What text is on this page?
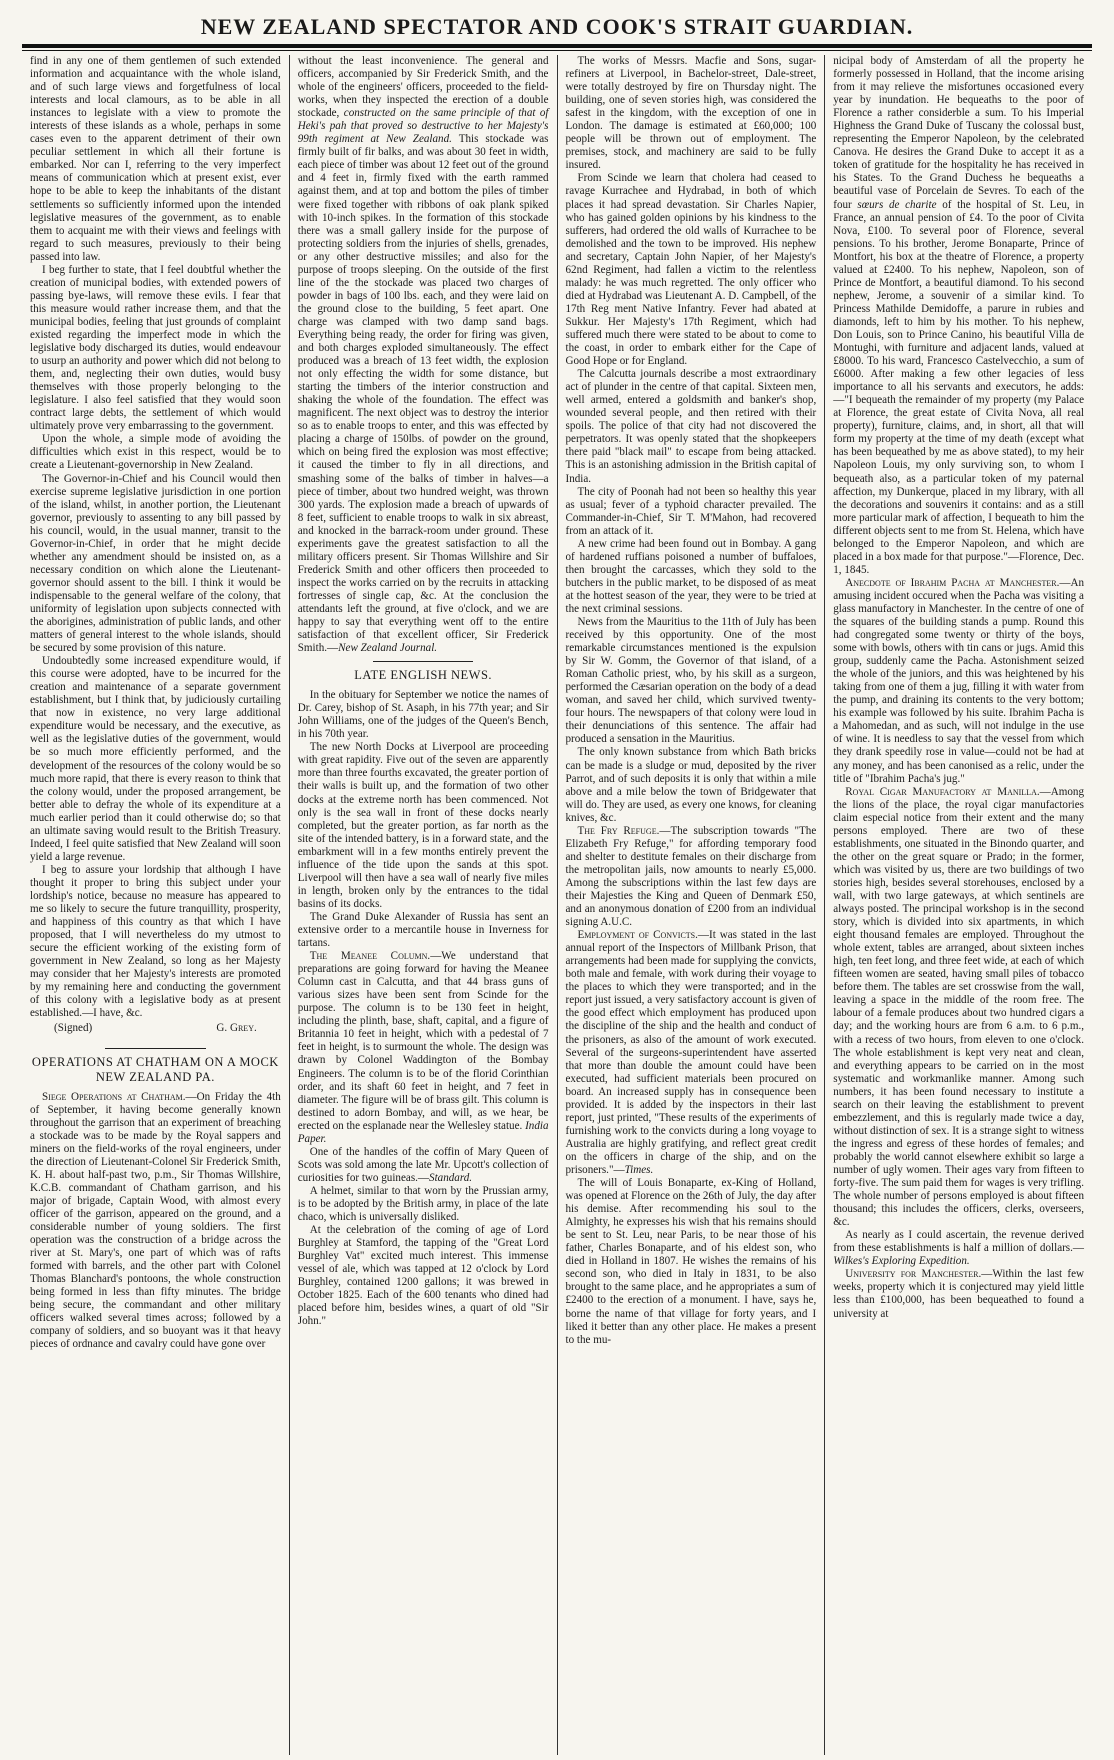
NEW ZEALAND SPECTATOR AND COOK'S STRAIT GUARDIAN.

find in any one of them gentlemen of such extended information and acquaintance with the whole island, and of such large views and forgetfulness of local interests and local clamours, as to be able in all instances to legislate with a view to promote the interests of these islands as a whole, perhaps in some cases even to the apparent detriment of their own peculiar settlement in which all their fortune is embarked. Nor can I, referring to the very imperfect means of communication which at present exist, ever hope to be able to keep the inhabitants of the distant settlements so sufficiently informed upon the intended legislative measures of the government, as to enable them to acquaint me with their views and feelings with regard to such measures, previously to their being passed into law.

I beg further to state, that I feel doubtful whether the creation of municipal bodies, with extended powers of passing bye-laws, will remove these evils. I fear that this measure would rather increase them, and that the municipal bodies, feeling that just grounds of complaint existed regarding the imperfect mode in which the legislative body discharged its duties, would endeavour to usurp an authority and power which did not belong to them, and, neglecting their own duties, would busy themselves with those properly belonging to the legislature. I also feel satisfied that they would soon contract large debts, the settlement of which would ultimately prove very embarrassing to the government.

Upon the whole, a simple mode of avoiding the difficulties which exist in this respect, would be to create a Lieutenant-governorship in New Zealand.

The Governor-in-Chief and his Council would then exercise supreme legislative jurisdiction in one portion of the island, whilst, in another portion, the Lieutenant governor, previously to assenting to any bill passed by his council, would, in the usual manner, transit to the Governor-in-Chief, in order that he might decide whether any amendment should be insisted on, as a necessary condition on which alone the Lieutenant-governor should assent to the bill. I think it would be indispensable to the general welfare of the colony, that uniformity of legislation upon subjects connected with the aborigines, administration of public lands, and other matters of general interest to the whole islands, should be secured by some provision of this nature.

Undoubtedly some increased expenditure would, if this course were adopted, have to be incurred for the creation and maintenance of a separate government establishment, but I think that, by judiciously curtailing that now in existence, no very large additional expenditure would be necessary, and the executive, as well as the legislative duties of the government, would be so much more efficiently performed, and the development of the resources of the colony would be so much more rapid, that there is every reason to think that the colony would, under the proposed arrangement, be better able to defray the whole of its expenditure at a much earlier period than it could otherwise do; so that an ultimate saving would result to the British Treasury. Indeed, I feel quite satisfied that New Zealand will soon yield a large revenue.

I beg to assure your lordship that although I have thought it proper to bring this subject under your lordship's notice, because no measure has appeared to me so likely to secure the future tranquillity, prosperity, and happiness of this country as that which I have proposed, that I will nevertheless do my utmost to secure the efficient working of the existing form of government in New Zealand, so long as her Majesty may consider that her Majesty's interests are promoted by my remaining here and conducting the government of this colony with a legislative body as at present established.—I have, &c.

(Signed)	G. Grey.
OPERATIONS AT CHATHAM ON A MOCK NEW ZEALAND PA.

Siege Operations at Chatham.—On Friday the 4th of September, it having become generally known throughout the garrison that an experiment of breaching a stockade was to be made by the Royal sappers and miners on the field-works of the royal engineers, under the direction of Lieutenant-Colonel Sir Frederick Smith, K. H. about half-past two, p.m., Sir Thomas Willshire, K.C.B. commandant of Chatham garrison, and his major of brigade, Captain Wood, with almost every officer of the garrison, appeared on the ground, and a considerable number of young soldiers. The first operation was the construction of a bridge across the river at St. Mary's, one part of which was of rafts formed with barrels, and the other part with Colonel Thomas Blanchard's pontoons, the whole construction being formed in less than fifty minutes. The bridge being secure, the commandant and other military officers walked several times across; followed by a company of soldiers, and so buoyant was it that heavy pieces of ordnance and cavalry could have gone over

without the least inconvenience. The general and officers, accompanied by Sir Frederick Smith, and the whole of the engineers' officers, proceeded to the field-works, when they inspected the erection of a double stockade, constructed on the same principle of that of Heki's pah that proved so destructive to her Majesty's 99th regiment at New Zealand. This stockade was firmly built of fir balks, and was about 30 feet in width, each piece of timber was about 12 feet out of the ground and 4 feet in, firmly fixed with the earth rammed against them, and at top and bottom the piles of timber were fixed together with ribbons of oak plank spiked with 10-inch spikes. In the formation of this stockade there was a small gallery inside for the purpose of protecting soldiers from the injuries of shells, grenades, or any other destructive missiles; and also for the purpose of troops sleeping. On the outside of the first line of the the stockade was placed two charges of powder in bags of 100 lbs. each, and they were laid on the ground close to the building, 5 feet apart. One charge was clamped with two damp sand bags. Everything being ready, the order for firing was given, and both charges exploded simultaneously. The effect produced was a breach of 13 feet width, the explosion not only effecting the width for some distance, but starting the timbers of the interior construction and shaking the whole of the foundation. The effect was magnificent. The next object was to destroy the interior so as to enable troops to enter, and this was effected by placing a charge of 150lbs. of powder on the ground, which on being fired the explosion was most effective; it caused the timber to fly in all directions, and smashing some of the balks of timber in halves—a piece of timber, about two hundred weight, was thrown 300 yards. The explosion made a breach of upwards of 8 feet, sufficient to enable troops to walk in six abreast, and knocked in the barrack-room under ground. These experiments gave the greatest satisfaction to all the military officers present. Sir Thomas Willshire and Sir Frederick Smith and other officers then proceeded to inspect the works carried on by the recruits in attacking fortresses of single cap, &c. At the conclusion the attendants left the ground, at five o'clock, and we are happy to say that everything went off to the entire satisfaction of that excellent officer, Sir Frederick Smith.—New Zealand Journal.

LATE ENGLISH NEWS.

In the obituary for September we notice the names of Dr. Carey, bishop of St. Asaph, in his 77th year; and Sir John Williams, one of the judges of the Queen's Bench, in his 70th year.

The new North Docks at Liverpool are proceeding with great rapidity. Five out of the seven are apparently more than three fourths excavated, the greater portion of their walls is built up, and the formation of two other docks at the extreme north has been commenced. Not only is the sea wall in front of these docks nearly completed, but the greater portion, as far north as the site of the intended battery, is in a forward state, and the embarkment will in a few months entirely prevent the influence of the tide upon the sands at this spot. Liverpool will then have a sea wall of nearly five miles in length, broken only by the entrances to the tidal basins of its docks.

The Grand Duke Alexander of Russia has sent an extensive order to a mercantile house in Inverness for tartans.

The Meanee Column.—We understand that preparations are going forward for having the Meanee Column cast in Calcutta, and that 44 brass guns of various sizes have been sent from Scinde for the purpose. The column is to be 130 feet in height, including the plinth, base, shaft, capital, and a figure of Britannia 10 feet in height, which with a pedestal of 7 feet in height, is to surmount the whole. The design was drawn by Colonel Waddington of the Bombay Engineers. The column is to be of the florid Corinthian order, and its shaft 60 feet in height, and 7 feet in diameter. The figure will be of brass gilt. This column is destined to adorn Bombay, and will, as we hear, be erected on the esplanade near the Wellesley statue. India Paper.

One of the handles of the coffin of Mary Queen of Scots was sold among the late Mr. Upcott's collection of curiosities for two guineas.—Standard.

A helmet, similar to that worn by the Prussian army, is to be adopted by the British army, in place of the late chaco, which is universally disliked.

At the celebration of the coming of age of Lord Burghley at Stamford, the tapping of the "Great Lord Burghley Vat" excited much interest. This immense vessel of ale, which was tapped at 12 o'clock by Lord Burghley, contained 1200 gallons; it was brewed in October 1825. Each of the 600 tenants who dined had placed before him, besides wines, a quart of old "Sir John."

The works of Messrs. Macfie and Sons, sugar-refiners at Liverpool, in Bachelor-street, Dale-street, were totally destroyed by fire on Thursday night. The building, one of seven stories high, was considered the safest in the kingdom, with the exception of one in London. The damage is estimated at £60,000; 100 people will be thrown out of employment. The premises, stock, and machinery are said to be fully insured.

From Scinde we learn that cholera had ceased to ravage Kurrachee and Hydrabad, in both of which places it had spread devastation. Sir Charles Napier, who has gained golden opinions by his kindness to the sufferers, had ordered the old walls of Kurrachee to be demolished and the town to be improved. His nephew and secretary, Captain John Napier, of her Majesty's 62nd Regiment, had fallen a victim to the relentless malady: he was much regretted. The only officer who died at Hydrabad was Lieutenant A. D. Campbell, of the 17th Reg ment Native Infantry. Fever had abated at Sukkur. Her Majesty's 17th Regiment, which had suffered much there were stated to be about to come to the coast, in order to embark either for the Cape of Good Hope or for England.

The Calcutta journals describe a most extraordinary act of plunder in the centre of that capital. Sixteen men, well armed, entered a goldsmith and banker's shop, wounded several people, and then retired with their spoils. The police of that city had not discovered the perpetrators. It was openly stated that the shopkeepers there paid "black mail" to escape from being attacked. This is an astonishing admission in the British capital of India.

The city of Poonah had not been so healthy this year as usual; fever of a typhoid character prevailed. The Commander-in-Chief, Sir T. M'Mahon, had recovered from an attack of it.

A new crime had been found out in Bombay. A gang of hardened ruffians poisoned a number of buffaloes, then brought the carcasses, which they sold to the butchers in the public market, to be disposed of as meat at the hottest season of the year, they were to be tried at the next criminal sessions.

News from the Mauritius to the 11th of July has been received by this opportunity. One of the most remarkable circumstances mentioned is the expulsion by Sir W. Gomm, the Governor of that island, of a Roman Catholic priest, who, by his skill as a surgeon, performed the Cæsarian operation on the body of a dead woman, and saved her child, which survived twenty-four hours. The newspapers of that colony were loud in their denunciations of this sentence. The affair had produced a sensation in the Mauritius.

The only known substance from which Bath bricks can be made is a sludge or mud, deposited by the river Parrot, and of such deposits it is only that within a mile above and a mile below the town of Bridgewater that will do. They are used, as every one knows, for cleaning knives, &c.

The Fry Refuge.—The subscription towards "The Elizabeth Fry Refuge," for affording temporary food and shelter to destitute females on their discharge from the metropolitan jails, now amounts to nearly £5,000. Among the subscriptions within the last few days are their Majesties the King and Queen of Denmark £50, and an anonymous donation of £200 from an individual signing A.U.C.

Employment of Convicts.—It was stated in the last annual report of the Inspectors of Millbank Prison, that arrangements had been made for supplying the convicts, both male and female, with work during their voyage to the places to which they were transported; and in the report just issued, a very satisfactory account is given of the good effect which employment has produced upon the discipline of the ship and the health and conduct of the prisoners, as also of the amount of work executed. Several of the surgeons-superintendent have asserted that more than double the amount could have been executed, had sufficient materials been procured on board. An increased supply has in consequence been provided. It is added by the inspectors in their last report, just printed, "These results of the experiments of furnishing work to the convicts during a long voyage to Australia are highly gratifying, and reflect great credit on the officers in charge of the ship, and on the prisoners."—Times.

The will of Louis Bonaparte, ex-King of Holland, was opened at Florence on the 26th of July, the day after his demise. After recommending his soul to the Almighty, he expresses his wish that his remains should be sent to St. Leu, near Paris, to be near those of his father, Charles Bonaparte, and of his eldest son, who died in Holland in 1807. He wishes the remains of his second son, who died in Italy in 1831, to be also brought to the same place, and he appropriates a sum of £2400 to the erection of a monument. I have, says he, borne the name of that village for forty years, and I liked it better than any other place. He makes a present to the mu-

nicipal body of Amsterdam of all the property he formerly possessed in Holland, that the income arising from it may relieve the misfortunes occasioned every year by inundation. He bequeaths to the poor of Florence a rather considerble a sum. To his Imperial Highness the Grand Duke of Tuscany the colossal bust, representing the Emperor Napoleon, by the celebrated Canova. He desires the Grand Duke to accept it as a token of gratitude for the hospitality he has received in his States. To the Grand Duchess he bequeaths a beautiful vase of Porcelain de Sevres. To each of the four sœurs de charite of the hospital of St. Leu, in France, an annual pension of £4. To the poor of Civita Nova, £100. To several poor of Florence, several pensions. To his brother, Jerome Bonaparte, Prince of Montfort, his box at the theatre of Florence, a property valued at £2400. To his nephew, Napoleon, son of Prince de Montfort, a beautiful diamond. To his second nephew, Jerome, a souvenir of a similar kind. To Princess Mathilde Demidoffe, a parure in rubies and diamonds, left to him by his mother. To his nephew, Don Louis, son to Prince Canino, his beautiful Villa de Montughi, with furniture and adjacent lands, valued at £8000. To his ward, Francesco Castelvecchio, a sum of £6000. After making a few other legacies of less importance to all his servants and executors, he adds:—"I bequeath the remainder of my property (my Palace at Florence, the great estate of Civita Nova, all real property), furniture, claims, and, in short, all that will form my property at the time of my death (except what has been bequeathed by me as above stated), to my heir Napoleon Louis, my only surviving son, to whom I bequeath also, as a particular token of my paternal affection, my Dunkerque, placed in my library, with all the decorations and souvenirs it contains: and as a still more particular mark of affection, I bequeath to him the different objects sent to me from St. Helena, which have belonged to the Emperor Napoleon, and which are placed in a box made for that purpose."—Florence, Dec. 1, 1845.

Anecdote of Ibrahim Pacha at Manchester.—An amusing incident occured when the Pacha was visiting a glass manufactory in Manchester. In the centre of one of the squares of the building stands a pump. Round this had congregated some twenty or thirty of the boys, some with bowls, others with tin cans or jugs. Amid this group, suddenly came the Pacha. Astonishment seized the whole of the juniors, and this was heightened by his taking from one of them a jug, filling it with water from the pump, and draining its contents to the very bottom; his example was followed by his suite. Ibrahim Pacha is a Mahomedan, and as such, will not indulge in the use of wine. It is needless to say that the vessel from which they drank speedily rose in value—could not be had at any money, and has been canonised as a relic, under the title of "Ibrahim Pacha's jug."

Royal Cigar Manufactory at Manilla.—Among the lions of the place, the royal cigar manufactories claim especial notice from their extent and the many persons employed. There are two of these establishments, one situated in the Binondo quarter, and the other on the great square or Prado; in the former, which was visited by us, there are two buildings of two stories high, besides several storehouses, enclosed by a wall, with two large gateways, at which sentinels are always posted. The principal workshop is in the second story, which is divided into six apartments, in which eight thousand females are employed. Throughout the whole extent, tables are arranged, about sixteen inches high, ten feet long, and three feet wide, at each of which fifteen women are seated, having small piles of tobacco before them. The tables are set crosswise from the wall, leaving a space in the middle of the room free. The labour of a female produces about two hundred cigars a day; and the working hours are from 6 a.m. to 6 p.m., with a recess of two hours, from eleven to one o'clock. The whole establishment is kept very neat and clean, and everything appears to be carried on in the most systematic and workmanlike manner. Among such numbers, it has been found necessary to institute a search on their leaving the establishment to prevent embezzlement, and this is regularly made twice a day, without distinction of sex. It is a strange sight to witness the ingress and egress of these hordes of females; and probably the world cannot elsewhere exhibit so large a number of ugly women. Their ages vary from fifteen to forty-five. The sum paid them for wages is very trifling. The whole number of persons employed is about fifteen thousand; this includes the officers, clerks, overseers, &c.

As nearly as I could ascertain, the revenue derived from these establishments is half a million of dollars.—Wilkes's Exploring Expedition.

University for Manchester.—Within the last few weeks, property which it is conjectured may yield little less than £100,000, has been bequeathed to found a university at
